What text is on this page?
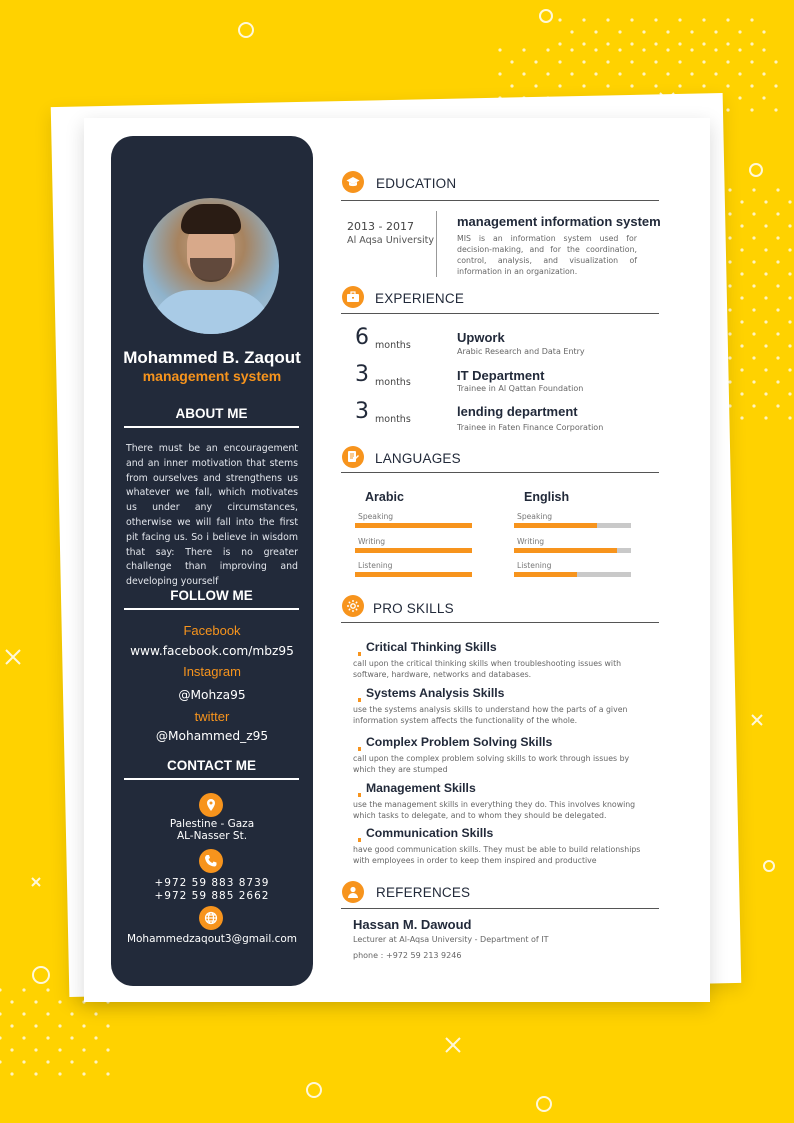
Mohammed B. Zaqout
management system
ABOUT ME
There must be an encouragement and an inner motivation that stems from ourselves and strengthens us whatever we fall, which motivates us under any circumstances, otherwise we will fall into the first pit facing us. So i believe in wisdom that say: There is no greater challenge than improving and developing yourself
FOLLOW ME
Facebook
www.facebook.com/mbz95
Instagram
@Mohza95
twitter
@Mohammed_z95
CONTACT ME
Palestine - Gaza
AL-Nasser St.
+972 59 883 8739
+972 59 885 2662
Mohammedzaqout3@gmail.com
EDUCATION
2013 - 2017
Al Aqsa University
management information system
MIS is an information system used for decision-making, and for the coordination, control, analysis, and visualization of information in an organization.
EXPERIENCE
6 months
Upwork
Arabic Research and Data Entry
3 months	IT Department
Trainee in Al Qattan Foundation
3 months
lending department
Trainee in Faten Finance Corporation
LANGUAGES
Arabic
Speaking
Writing
Listening
English
Speaking
Writing
Listening
PRO SKILLS
Critical Thinking Skills
call upon the critical thinking skills when troubleshooting issues with software, hardware, networks and databases.
Systems Analysis Skills
use the systems analysis skills to understand how the parts of a given information system affects the functionality of the whole.
Complex Problem Solving Skills
call upon the complex problem solving skills to work through issues by which they are stumped
Management Skills
use the management skills in everything they do. This involves knowing which tasks to delegate, and to whom they should be delegated.
Communication Skills
have good communication skills. They must be able to build relationships with employees in order to keep them inspired and productive
REFERENCES
Hassan M. Dawoud
Lecturer at Al-Aqsa University - Department of IT
phone : +972 59 213 9246
